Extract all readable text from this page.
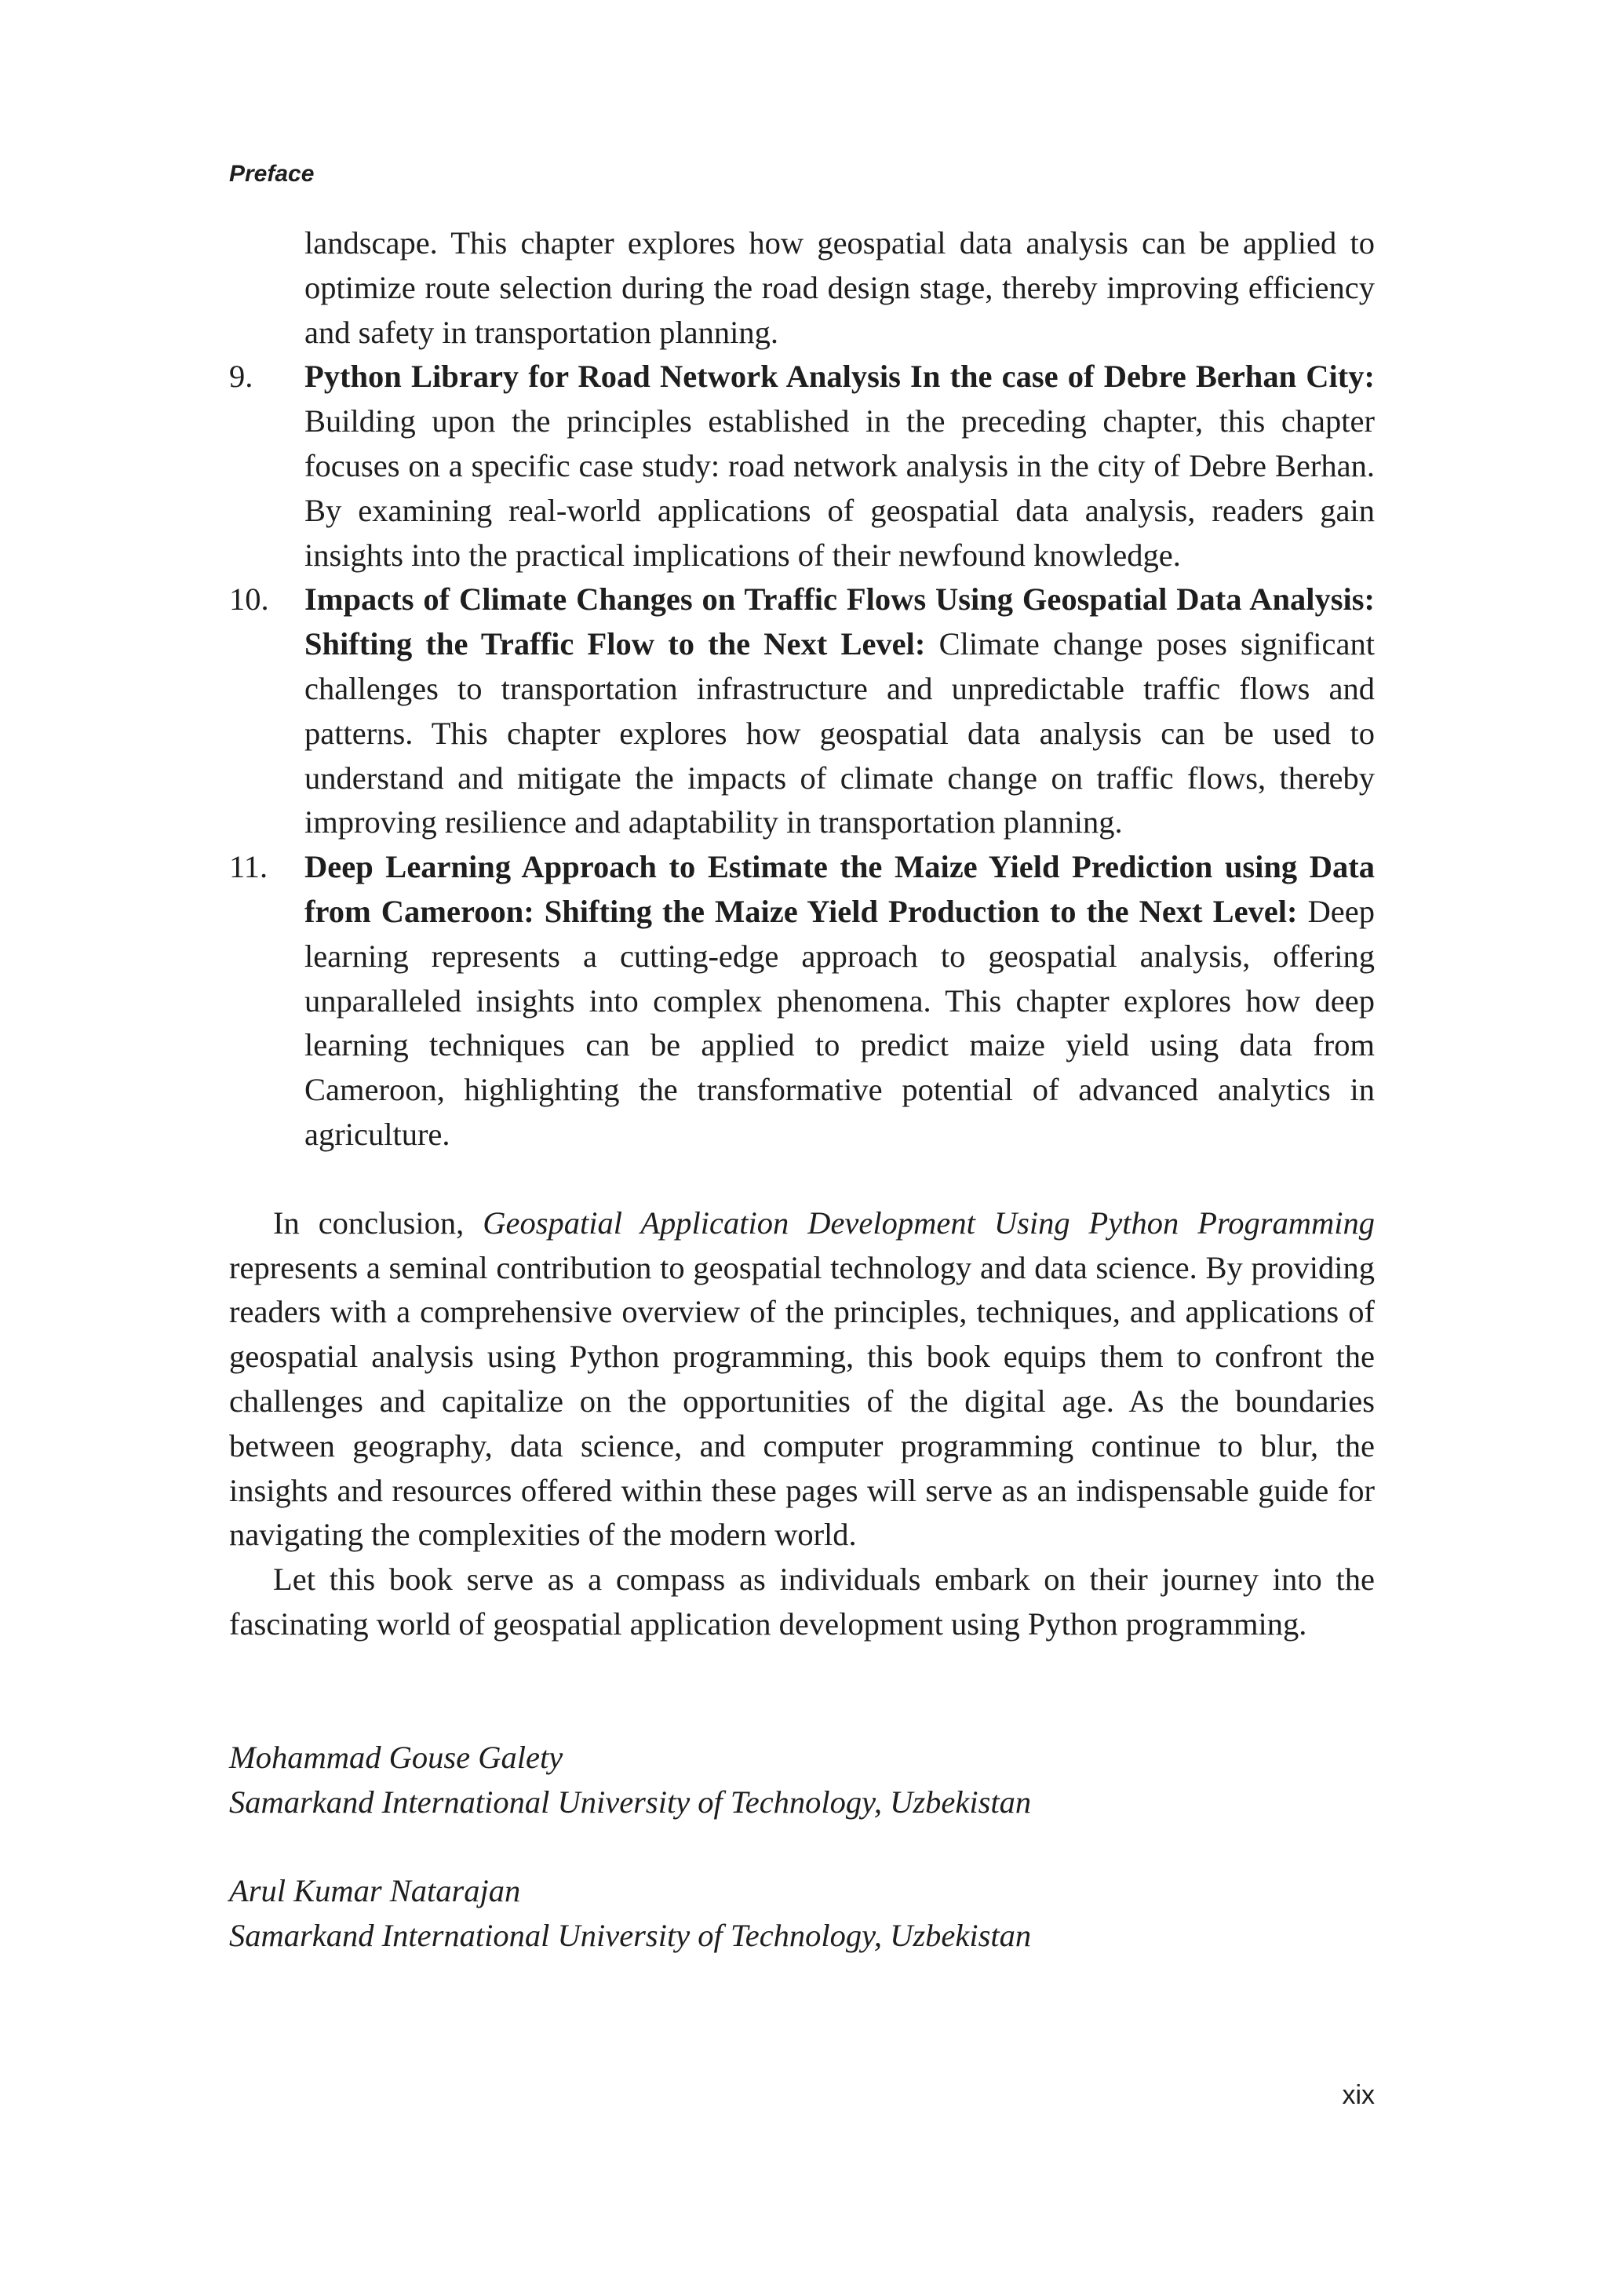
Preface
landscape. This chapter explores how geospatial data analysis can be applied to optimize route selection during the road design stage, thereby improving efficiency and safety in transportation planning.
9. Python Library for Road Network Analysis In the case of Debre Berhan City: Building upon the principles established in the preceding chapter, this chapter focuses on a specific case study: road network analysis in the city of Debre Berhan. By examining real-world applications of geospatial data analysis, readers gain insights into the practical implications of their newfound knowledge.
10. Impacts of Climate Changes on Traffic Flows Using Geospatial Data Analysis: Shifting the Traffic Flow to the Next Level: Climate change poses significant challenges to transportation infrastructure and unpredictable traffic flows and patterns. This chapter explores how geospatial data analysis can be used to understand and mitigate the impacts of climate change on traffic flows, thereby improving resilience and adaptability in transportation planning.
11. Deep Learning Approach to Estimate the Maize Yield Prediction using Data from Cameroon: Shifting the Maize Yield Production to the Next Level: Deep learning represents a cutting-edge approach to geospatial analysis, offering unparalleled insights into complex phenomena. This chapter explores how deep learning techniques can be applied to predict maize yield using data from Cameroon, highlighting the transformative potential of advanced analytics in agriculture.
In conclusion, Geospatial Application Development Using Python Programming represents a seminal contribution to geospatial technology and data science. By providing readers with a comprehensive overview of the principles, techniques, and applications of geospatial analysis using Python programming, this book equips them to confront the challenges and capitalize on the opportunities of the digital age. As the boundaries between geography, data science, and computer programming continue to blur, the insights and resources offered within these pages will serve as an indispensable guide for navigating the complexities of the modern world.
Let this book serve as a compass as individuals embark on their journey into the fascinating world of geospatial application development using Python programming.
Mohammad Gouse Galety
Samarkand International University of Technology, Uzbekistan
Arul Kumar Natarajan
Samarkand International University of Technology, Uzbekistan
xix
